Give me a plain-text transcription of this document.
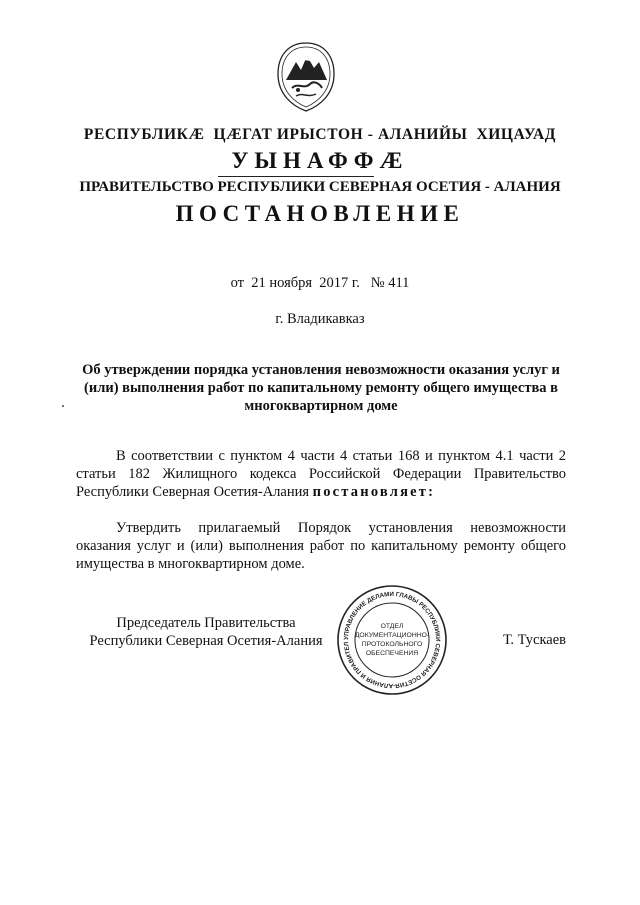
РЕСПУБЛИКÆ  ЦÆГАТ ИРЫСТОН - АЛАНИЙЫ  ХИЦАУАД
УЫНАФФÆ
ПРАВИТЕЛЬСТВО РЕСПУБЛИКИ СЕВЕРНАЯ ОСЕТИЯ - АЛАНИЯ
ПОСТАНОВЛЕНИЕ
от  21 ноября  2017 г.   № 411
г. Владикавказ
Об утверждении порядка установления невозможности оказания услуг и (или) выполнения работ по капитальному ремонту общего имущества в многоквартирном доме
В соответствии с пунктом 4 части 4 статьи 168 и пунктом 4.1 части 2 статьи 182 Жилищного кодекса Российской Федерации Правительство Республики Северная Осетия-Алания постановляет:
Утвердить прилагаемый Порядок установления невозможности оказания услуг и (или) выполнения работ по капитальному ремонту общего имущества в многоквартирном доме.
Председатель Правительства
Республики Северная Осетия-Алания	УПРАВЛЕНИЕ ДЕЛАМИ ГЛАВЫ РЕСПУБЛИКИ СЕВЕРНАЯ ОСЕТИЯ-АЛАНИЯ И ПРАВИТЕЛ
ОТДЕЛ
ДОКУМЕНТАЦИОННО-
ПРОТОКОЛЬНОГО
ОБЕСПЕЧЕНИЯ
Т. Тускаев
